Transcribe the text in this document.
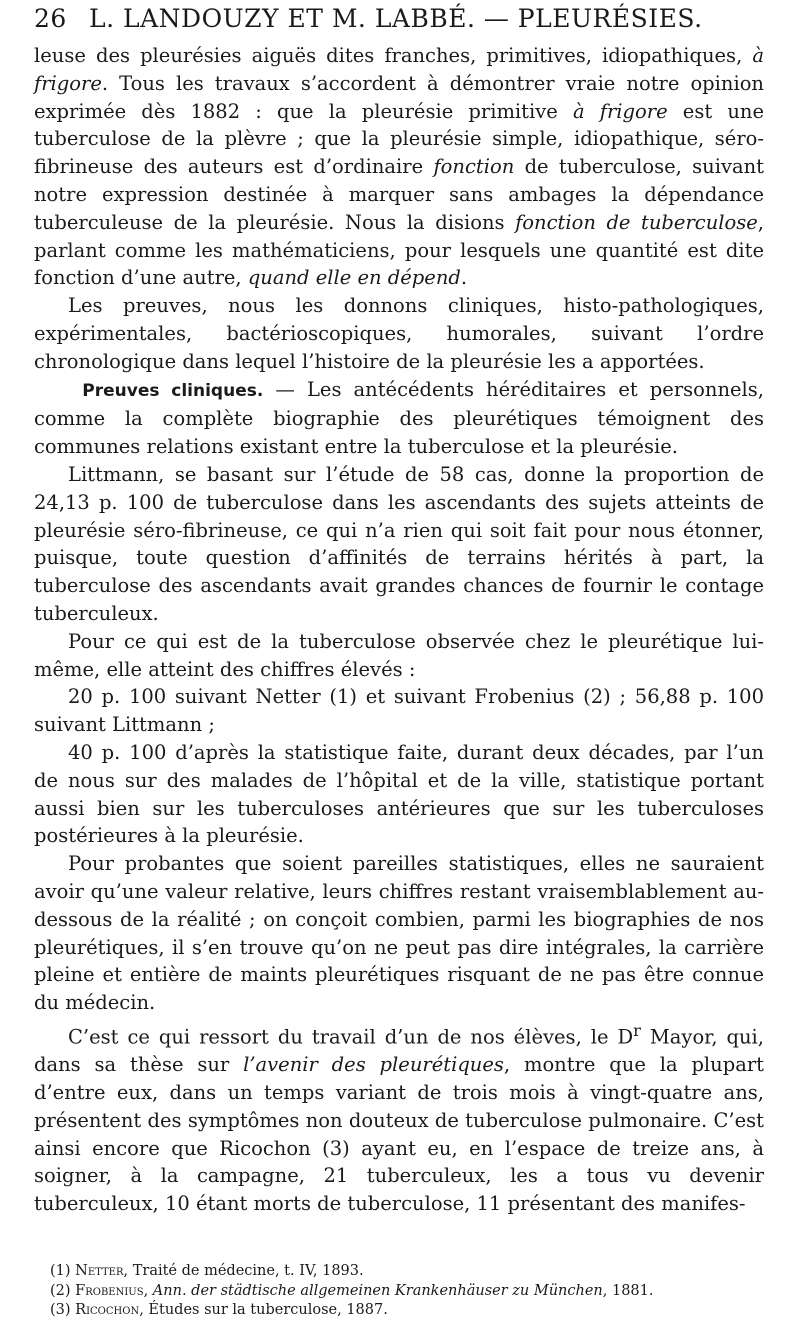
26 L. LANDOUZY ET M. LABBÉ. — PLEURÉSIES.

leuse des pleurésies aiguës dites franches, primitives, idiopathiques, à frigore. Tous les travaux s’accordent à démontrer vraie notre opinion exprimée dès 1882 : que la pleurésie primitive à frigore est une tuberculose de la plèvre ; que la pleurésie simple, idiopathique, séro-fibrineuse des auteurs est d’ordinaire fonction de tuberculose, suivant notre expression destinée à marquer sans ambages la dépendance tuberculeuse de la pleurésie. Nous la disions fonction de tuberculose, parlant comme les mathématiciens, pour lesquels une quantité est dite fonction d’une autre, quand elle en dépend.

Les preuves, nous les donnons cliniques, histo-pathologiques, expérimentales, bactérioscopiques, humorales, suivant l’ordre chronologique dans lequel l’histoire de la pleurésie les a apportées.

Preuves cliniques. — Les antécédents héréditaires et personnels, comme la complète biographie des pleurétiques témoignent des communes relations existant entre la tuberculose et la pleurésie.

Littmann, se basant sur l’étude de 58 cas, donne la proportion de 24,13 p. 100 de tuberculose dans les ascendants des sujets atteints de pleurésie séro-fibrineuse, ce qui n’a rien qui soit fait pour nous étonner, puisque, toute question d’affinités de terrains hérités à part, la tuberculose des ascendants avait grandes chances de fournir le contage tuberculeux.

Pour ce qui est de la tuberculose observée chez le pleurétique lui-même, elle atteint des chiffres élevés :

20 p. 100 suivant Netter (1) et suivant Frobenius (2) ; 56,88 p. 100 suivant Littmann ;

40 p. 100 d’après la statistique faite, durant deux décades, par l’un de nous sur des malades de l’hôpital et de la ville, statistique portant aussi bien sur les tuberculoses antérieures que sur les tuberculoses postérieures à la pleurésie.

Pour probantes que soient pareilles statistiques, elles ne sauraient avoir qu’une valeur relative, leurs chiffres restant vraisemblablement au-dessous de la réalité ; on conçoit combien, parmi les biographies de nos pleurétiques, il s’en trouve qu’on ne peut pas dire intégrales, la carrière pleine et entière de maints pleurétiques risquant de ne pas être connue du médecin.

C’est ce qui ressort du travail d’un de nos élèves, le $D^r$ Mayor, qui, dans sa thèse sur l’avenir des pleurétiques, montre que la plupart d’entre eux, dans un temps variant de trois mois à vingt-quatre ans, présentent des symptômes non douteux de tuberculose pulmonaire. C’est ainsi encore que Ricochon (3) ayant eu, en l’espace de treize ans, à soigner, à la campagne, 21 tuberculeux, les a tous vu devenir tuberculeux, 10 étant morts de tuberculose, 11 présentant des manifes-

(1) Netter, Traité de médecine, t. IV, 1893.
(2) Frobenius, Ann. der städtische allgemeinen Krankenhäuser zu München, 1881.
(3) Ricochon, Études sur la tuberculose, 1887.
